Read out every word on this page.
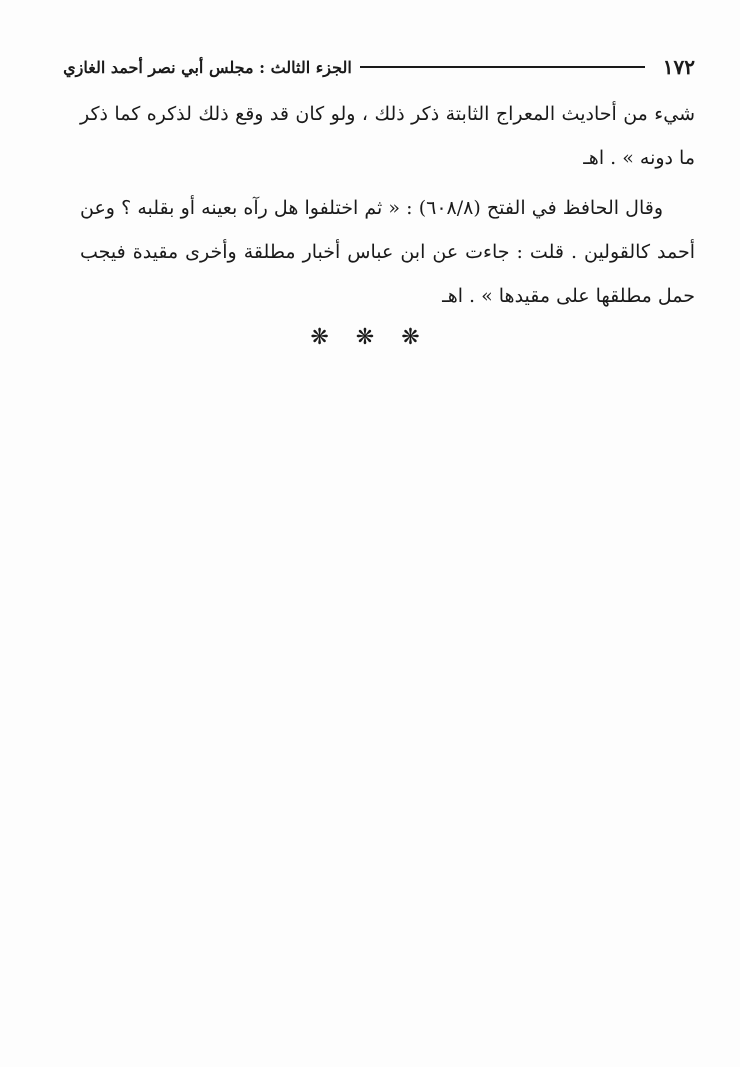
١٧٢
الجزء الثالث : مجلس أبي نصر أحمد الغازي

شيء من أحاديث المعراج الثابتة ذكر ذلك ، ولو كان قد وقع ذلك لذكره كما ذكر ما دونه » . اهـ

وقال الحافظ في الفتح (٦٠٨/٨) : « ثم اختلفوا هل رآه بعينه أو بقلبه ؟ وعن أحمد كالقولين . قلت : جاءت عن ابن عباس أخبار مطلقة وأخرى مقيدة فيجب حمل مطلقها على مقيدها » . اهـ

❋ ❋ ❋
